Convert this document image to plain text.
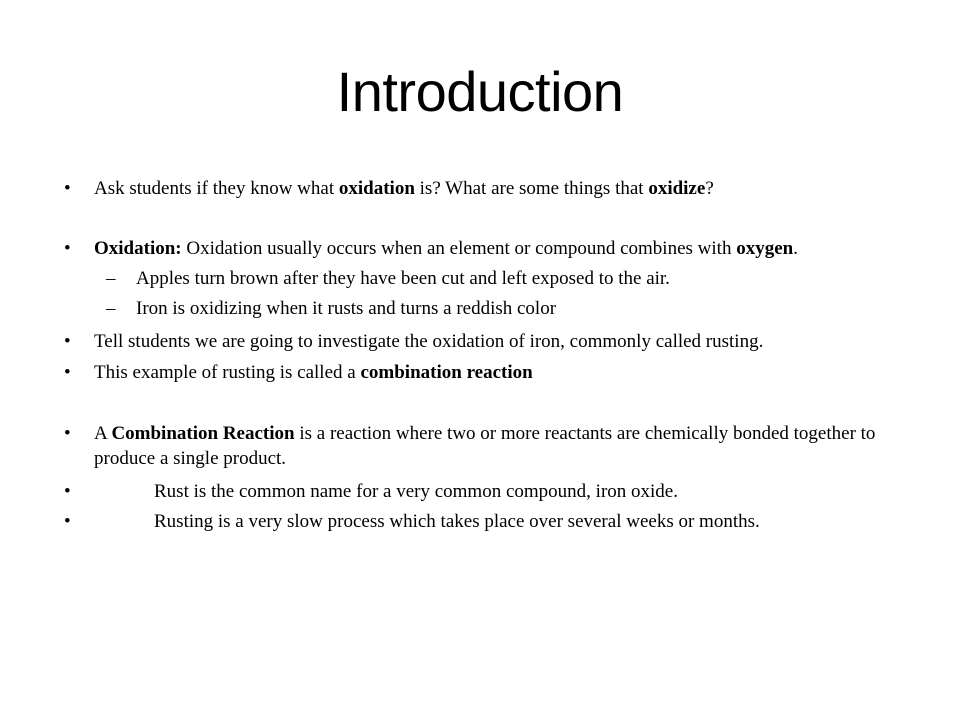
Introduction
•	Ask students if they know what oxidation is? What are some things that oxidize?
•	Oxidation: Oxidation usually occurs when an element or compound combines with oxygen.
–	Apples turn brown after they have been cut and left exposed to the air.
–	Iron is oxidizing when it rusts and turns a reddish color
•	Tell students we are going to investigate the oxidation of iron, commonly called rusting.
•	This example of rusting is called a combination reaction
•	A Combination Reaction is a reaction where two or more reactants are chemically bonded together to produce a single product.
•	Rust is the common name for a very common compound, iron oxide.
•	Rusting is a very slow process which takes place over several weeks or months.
